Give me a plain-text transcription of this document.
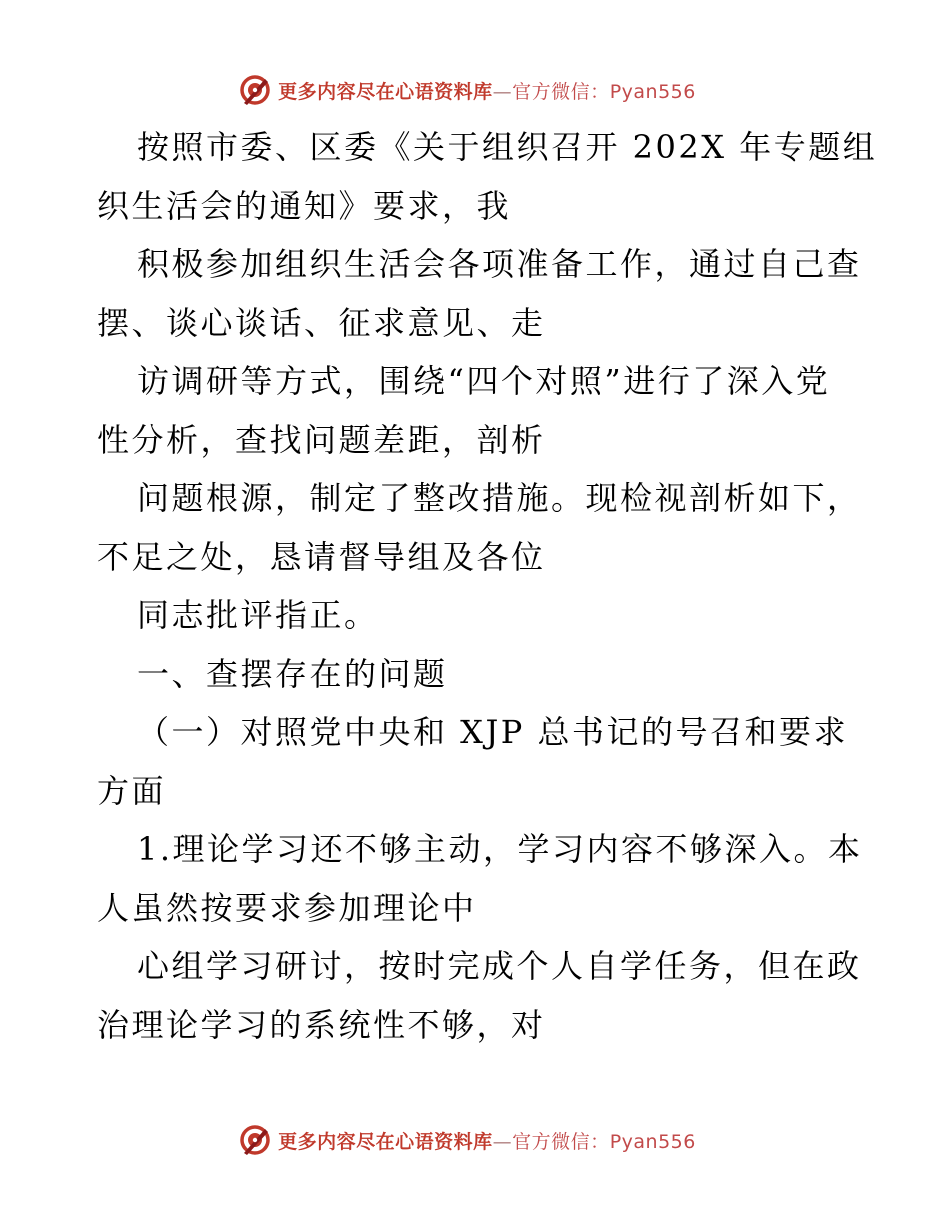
更多内容尽在心语资料库—官方微信：Pyan556
按照市委、区委《关于组织召开 202X 年专题组
织生活会的通知》要求，我
积极参加组织生活会各项准备工作，通过自己查
摆、谈心谈话、征求意见、走
访调研等方式，围绕“四个对照”进行了深入党
性分析，查找问题差距，剖析
问题根源，制定了整改措施。现检视剖析如下，
不足之处，恳请督导组及各位
同志批评指正。
一、查摆存在的问题
（一）对照党中央和 XJP 总书记的号召和要求
方面
1.理论学习还不够主动，学习内容不够深入。本
人虽然按要求参加理论中
心组学习研讨，按时完成个人自学任务，但在政
治理论学习的系统性不够，对
更多内容尽在心语资料库—官方微信：Pyan556
